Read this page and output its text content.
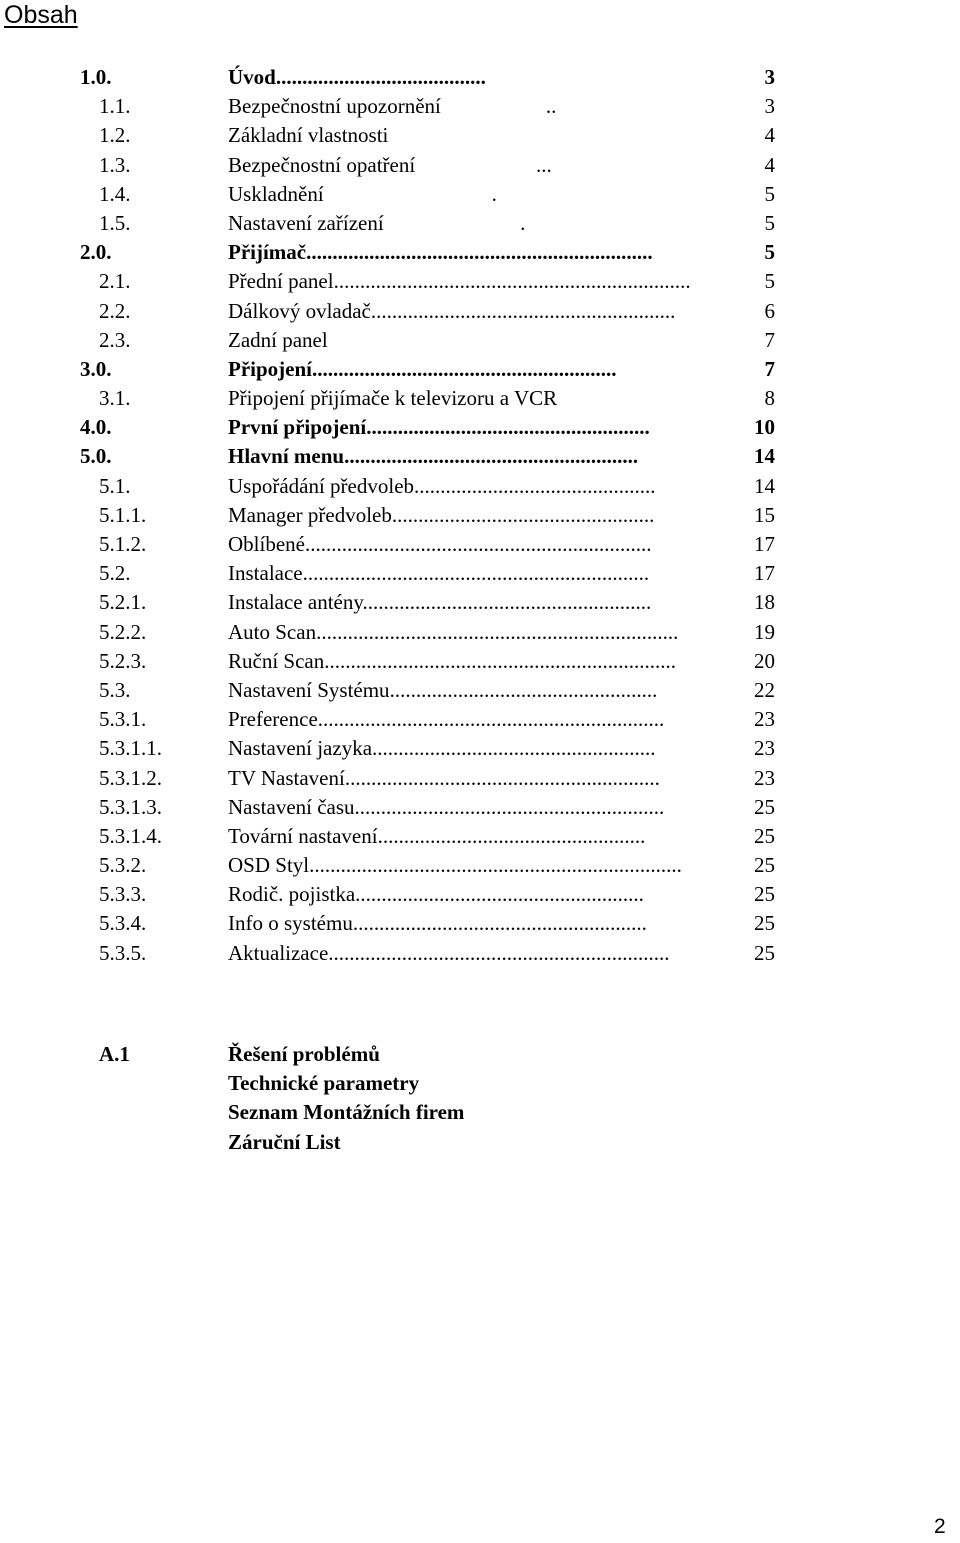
Obsah
1.0.	Úvod........................................	3
1.1.	Bezpečnostní upozornění                    ..	3
1.2.	Základní vlastnosti	4
1.3.	Bezpečnostní opatření                       ...	4
1.4.	Uskladnění                                .	5
1.5.	Nastavení zařízení                          .	5
2.0.	Přijímač..................................................................	5
2.1.	Přední panel....................................................................	5
2.2.	Dálkový ovladač..........................................................	6
2.3.	Zadní panel	7
3.0.	Připojení..........................................................	7
3.1.	Připojení přijímače k televizoru a VCR	8
4.0.	První připojení......................................................	10
5.0.	Hlavní menu........................................................	14
5.1.	Uspořádání předvoleb..............................................	14
5.1.1.	Manager předvoleb..................................................	15
5.1.2.	Oblíbené..................................................................	17
5.2.	Instalace..................................................................	17
5.2.1.	Instalace antény.......................................................	18
5.2.2.	Auto Scan.....................................................................	19
5.2.3.	Ruční Scan...................................................................	20
5.3.	Nastavení Systému...................................................	22
5.3.1.	Preference..................................................................	23
5.3.1.1.	Nastavení jazyka......................................................	23
5.3.1.2.	TV Nastavení............................................................	23
5.3.1.3.	Nastavení času...........................................................	25
5.3.1.4.	Tovární nastavení...................................................	25
5.3.2.	OSD Styl.......................................................................	25
5.3.3.	Rodič. pojistka.......................................................	25
5.3.4.	Info o systému........................................................	25
5.3.5.	Aktualizace.................................................................	25
A.1	Řešení problémů
Technické parametry
Seznam Montážních firem
Záruční List
2
